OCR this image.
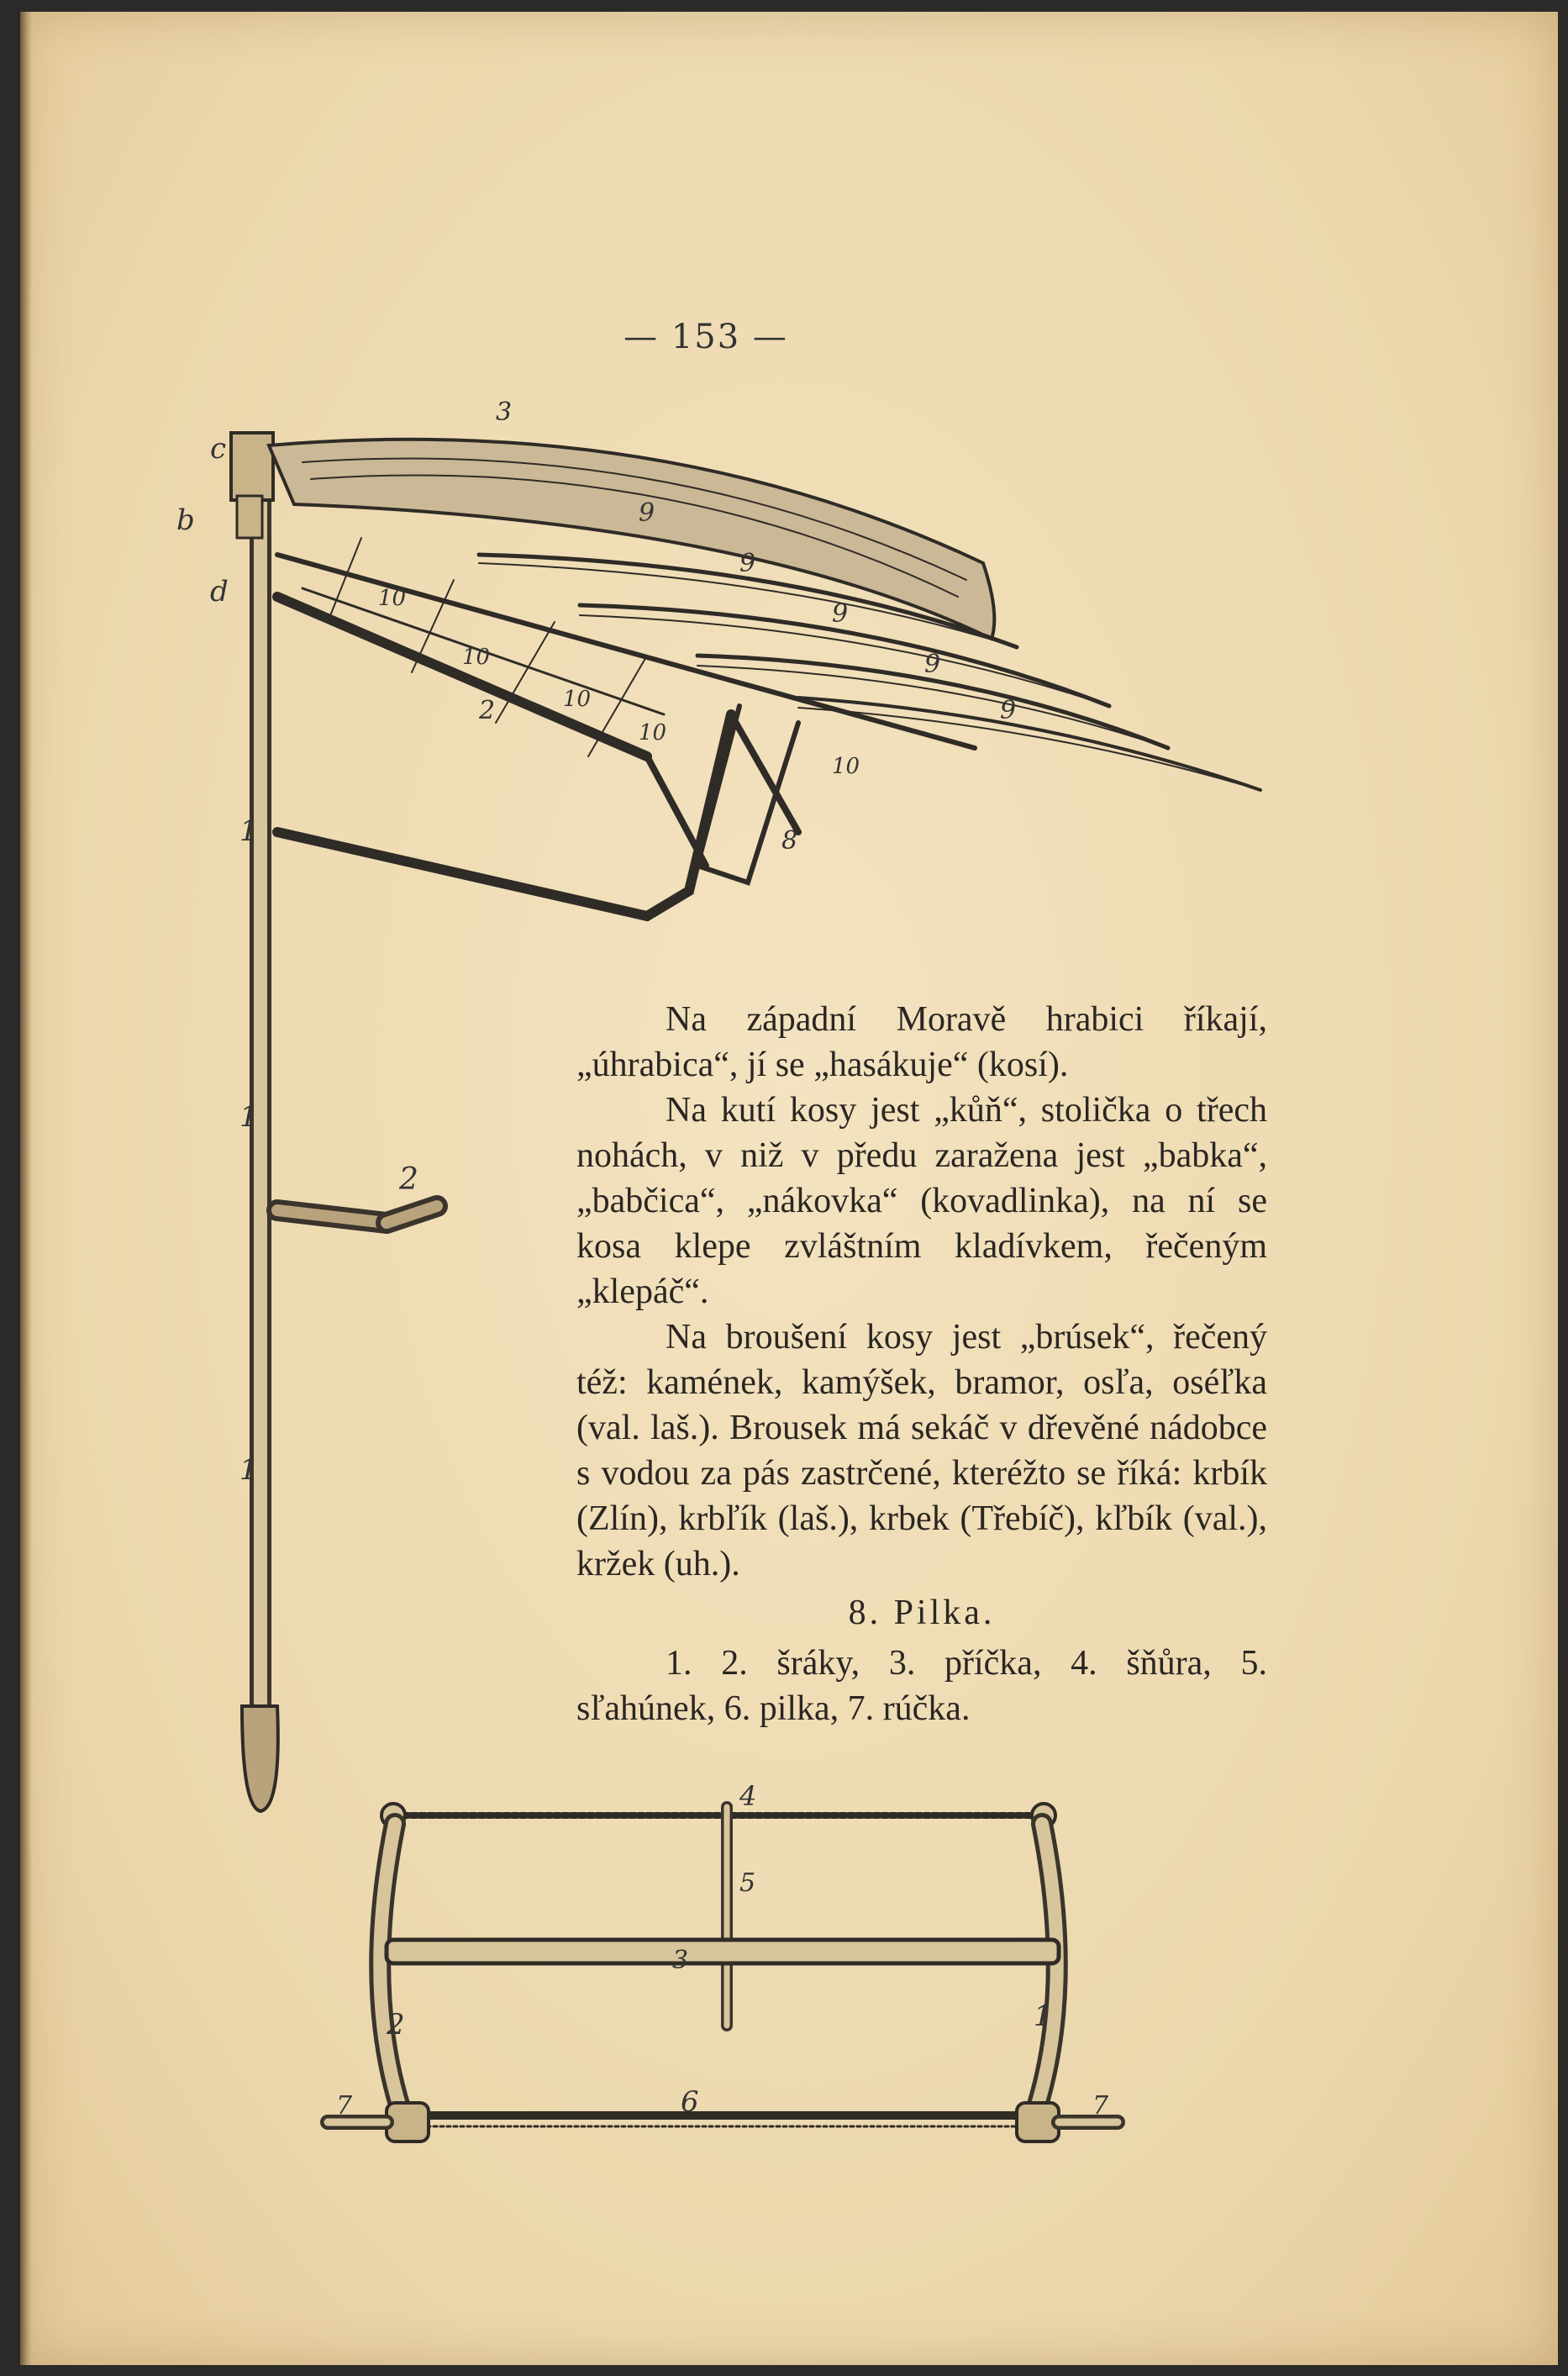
— 153 —
c
b
d
3
9
9
9
9
9
10
10
10
10
10
8
2
2
1
1
1

Na západní Moravě hrabici říkají, „úhrabica“, jí se „hasákuje“ (kosí).

Na kutí kosy jest „kůň“, stolička o třech nohách, v niž v předu zaražena jest „babka“, „babčica“, „nákovka“ (kovadlinka), na ní se kosa klepe zvláštním kladívkem, řečeným „klepáč“.

Na broušení kosy jest „brúsek“, řečený též: kamének, kamýšek, bramor, osľa, oséľka (val. laš.). Brousek má sekáč v dřevěné nádobce s vodou za pás zastrčené, kteréžto se říká: krbík (Zlín), krbľík (laš.), krbek (Třebíč), kľbík (val.), kržek (uh.).

8. Pilka.

1. 2. šráky, 3. příčka, 4. šňůra, 5. sľahúnek, 6. pilka, 7. rúčka.

4
5
3
2	1
6
7	7
